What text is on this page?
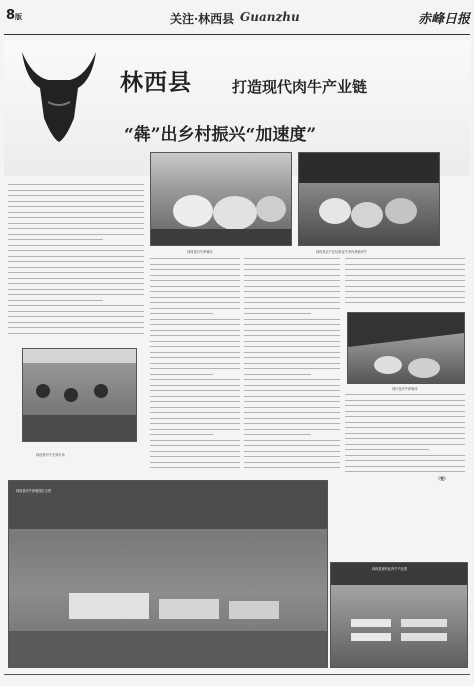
8版	关注·林西县 Guanzhu	赤峰日报
林西县	打造现代肉牛产业链
“犇”出乡村振兴“加速度”
林西县肉牛养殖场	林西县农户在标准化牛舍内养殖肉牛
现代化肉牛养殖场
林西县肉牛交易市场
林西县肉牛养殖园区全景
林西县现代化肉牛产业园
（完）
